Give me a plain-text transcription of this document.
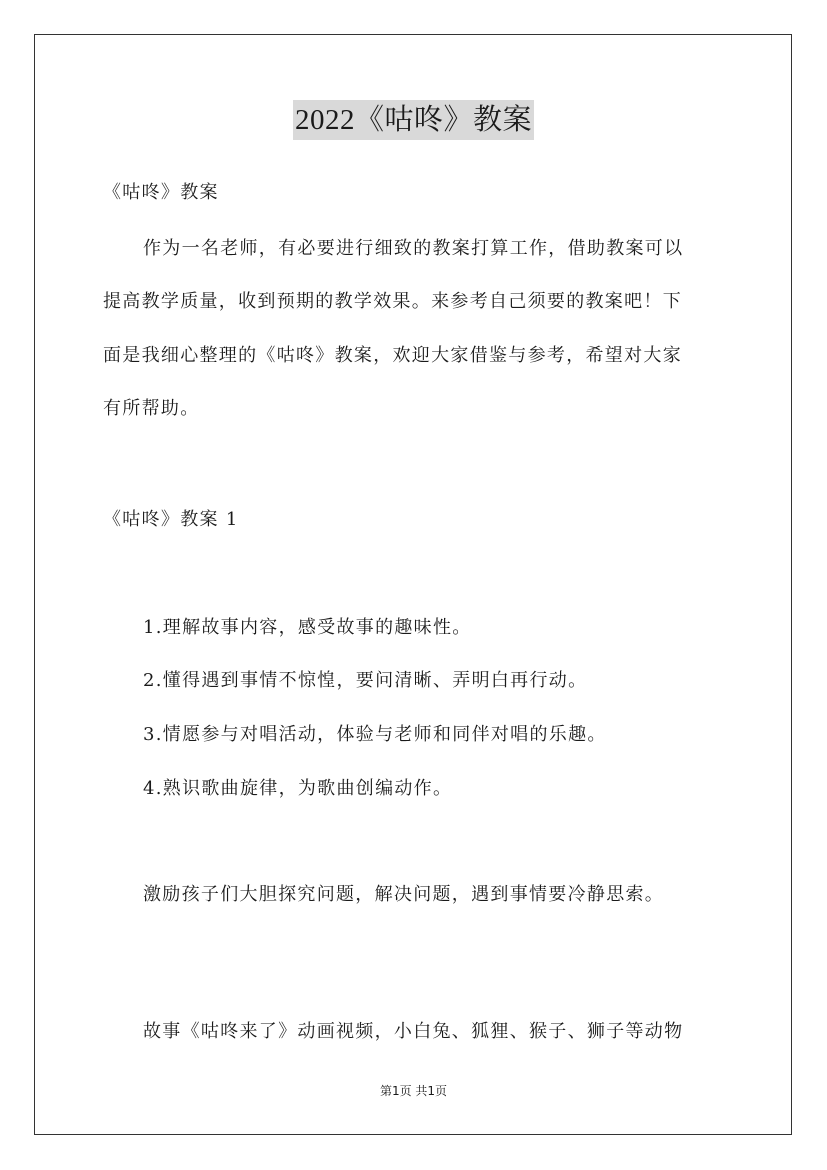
2022《咕咚》教案
《咕咚》教案
作为一名老师，有必要进行细致的教案打算工作，借助教案可以
提高教学质量，收到预期的教学效果。来参考自己须要的教案吧！下
面是我细心整理的《咕咚》教案，欢迎大家借鉴与参考，希望对大家
有所帮助。
《咕咚》教案 1
1.理解故事内容，感受故事的趣味性。
2.懂得遇到事情不惊惶，要问清晰、弄明白再行动。
3.情愿参与对唱活动，体验与老师和同伴对唱的乐趣。
4.熟识歌曲旋律，为歌曲创编动作。
激励孩子们大胆探究问题，解决问题，遇到事情要冷静思索。
故事《咕咚来了》动画视频，小白兔、狐狸、猴子、狮子等动物
第1页 共1页
